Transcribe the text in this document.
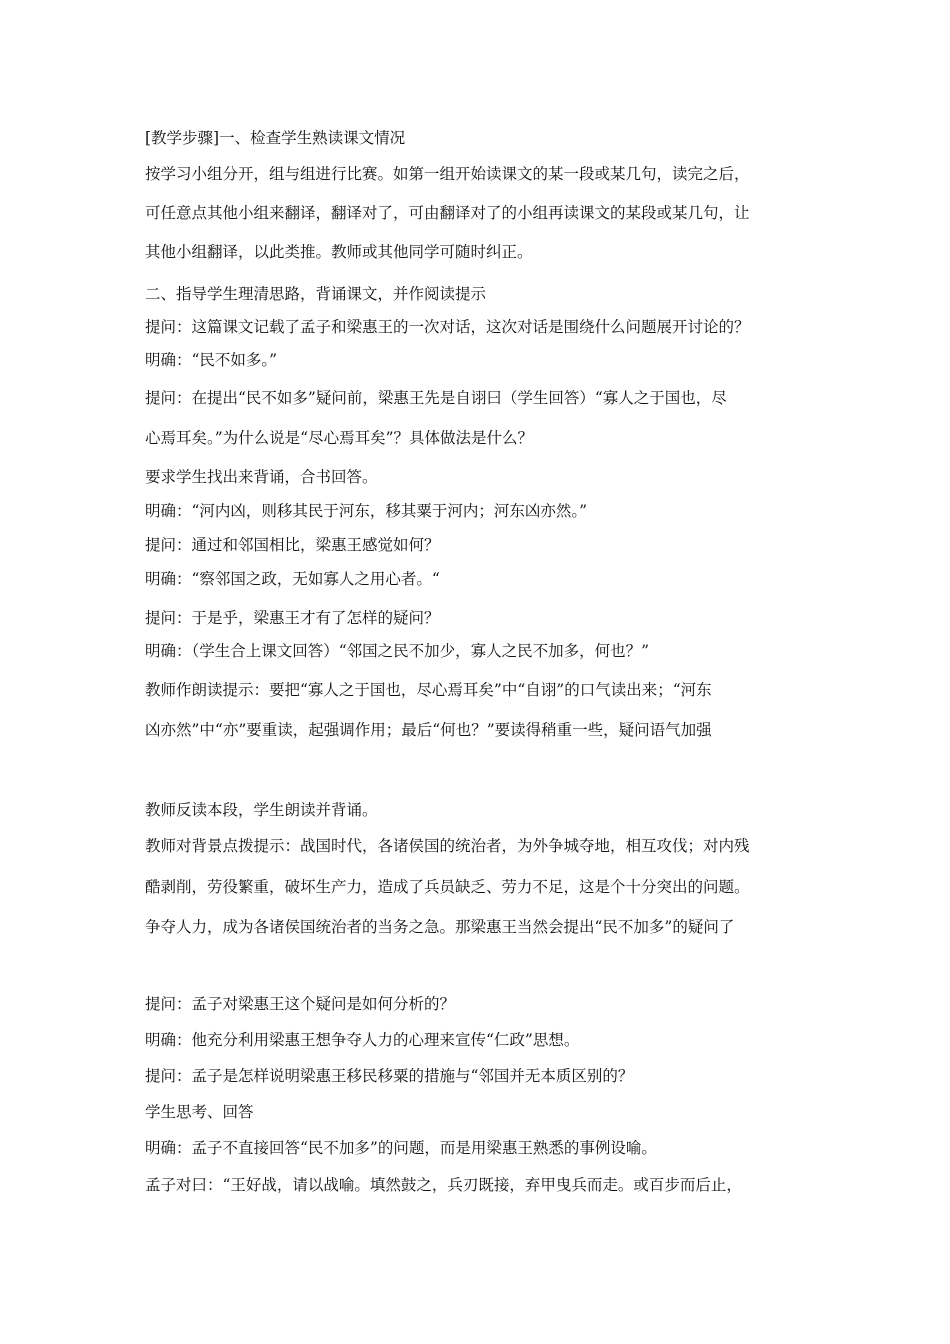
[教学步骤]一、检查学生熟读课文情况
按学习小组分开，组与组进行比赛。如第一组开始读课文的某一段或某几句，读完之后，
可任意点其他小组来翻译，翻译对了，可由翻译对了的小组再读课文的某段或某几句，让
其他小组翻译，以此类推。教师或其他同学可随时纠正。
二、指导学生理清思路，背诵课文，并作阅读提示
提问：这篇课文记载了孟子和梁惠王的一次对话，这次对话是围绕什么问题展开讨论的？
明确：“民不如多。”
提问：在提出“民不如多”疑问前，梁惠王先是自诩曰（学生回答）“寡人之于国也，尽
心焉耳矣。”为什么说是“尽心焉耳矣”？具体做法是什么？
要求学生找出来背诵，合书回答。
明确：“河内凶，则移其民于河东，移其粟于河内；河东凶亦然。”
提问：通过和邻国相比，梁惠王感觉如何？
明确：“察邻国之政，无如寡人之用心者。“
提问：于是乎，梁惠王才有了怎样的疑问？
明确：（学生合上课文回答）“邻国之民不加少，寡人之民不加多，何也？”
教师作朗读提示：要把“寡人之于国也，尽心焉耳矣”中“自诩”的口气读出来；“河东
凶亦然”中“亦”要重读，起强调作用；最后“何也？”要读得稍重一些，疑问语气加强
教师反读本段，学生朗读并背诵。
教师对背景点拨提示：战国时代，各诸侯国的统治者，为外争城夺地，相互攻伐；对内残
酷剥削，劳役繁重，破坏生产力，造成了兵员缺乏、劳力不足，这是个十分突出的问题。
争夺人力，成为各诸侯国统治者的当务之急。那梁惠王当然会提出“民不加多”的疑问了
提问：孟子对梁惠王这个疑问是如何分析的？
明确：他充分利用梁惠王想争夺人力的心理来宣传“仁政”思想。
提问：孟子是怎样说明梁惠王移民移粟的措施与“邻国并无本质区别的？
学生思考、回答
明确：孟子不直接回答“民不加多”的问题，而是用梁惠王熟悉的事例设喻。
孟子对曰：“王好战，请以战喻。填然鼓之，兵刃既接，弃甲曳兵而走。或百步而后止，
